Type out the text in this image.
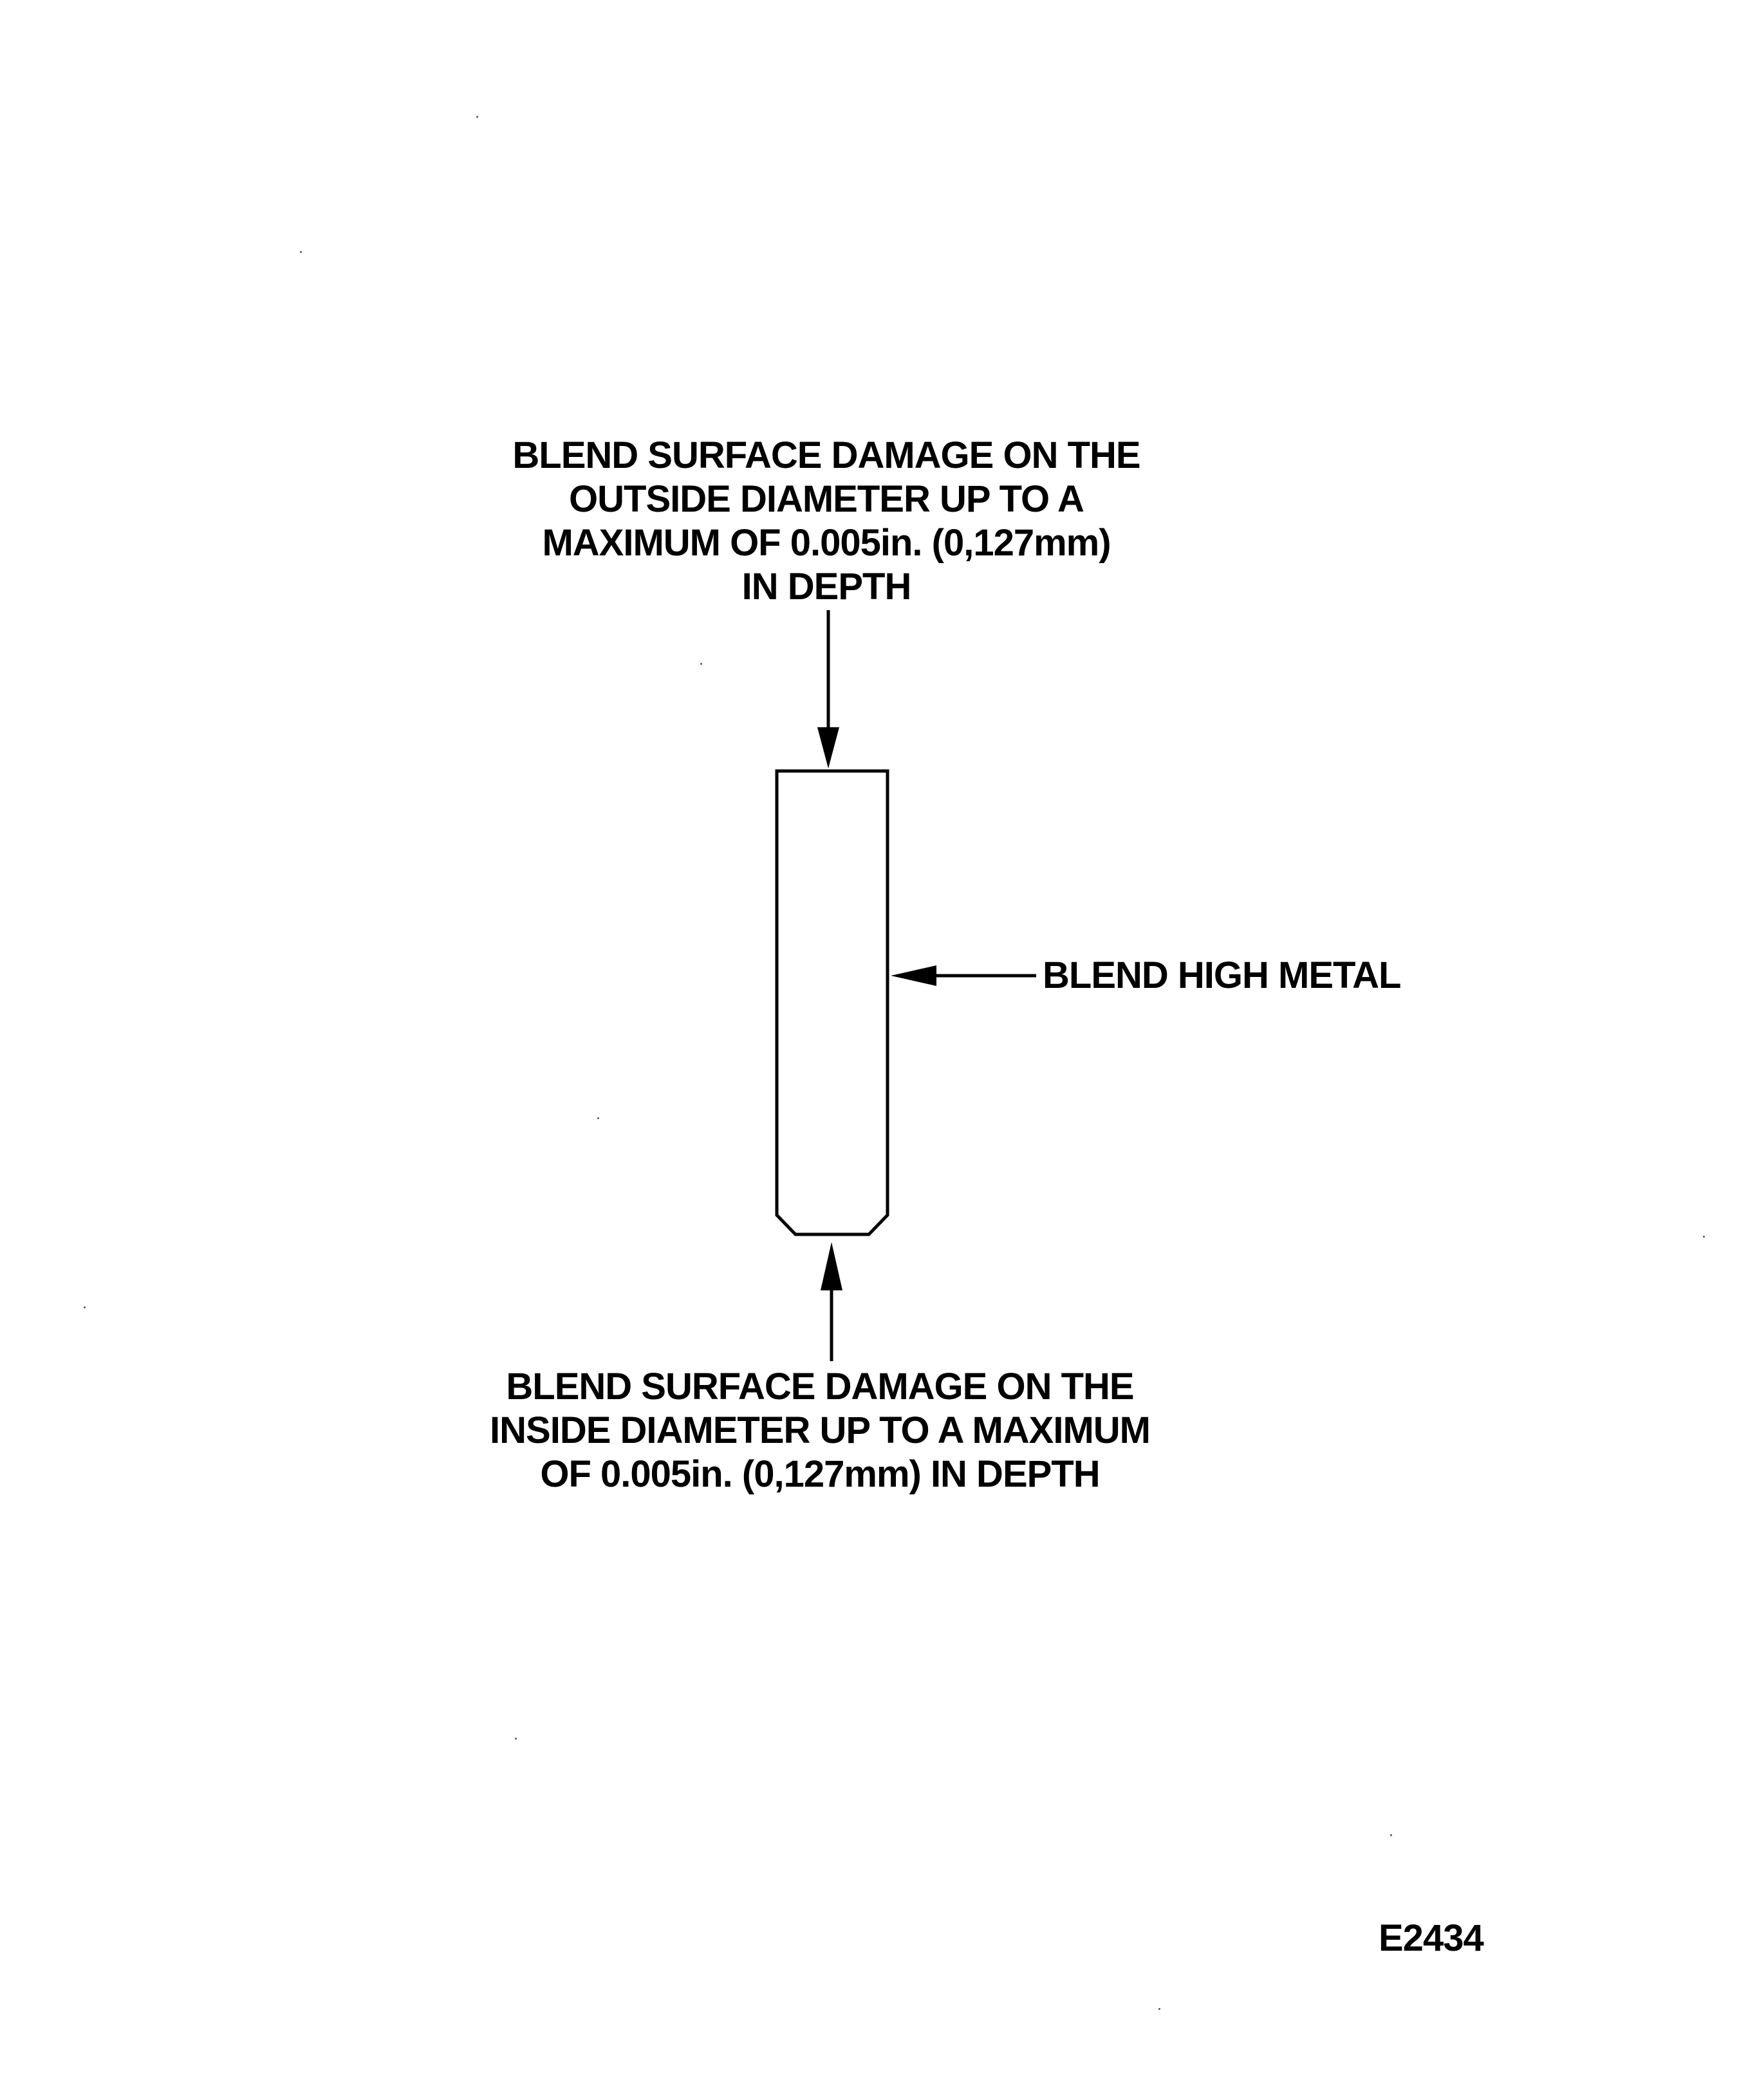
BLEND SURFACE DAMAGE ON THE
OUTSIDE DIAMETER UP TO A
MAXIMUM OF 0.005in. (0,127mm)
IN DEPTH
BLEND HIGH METAL
BLEND SURFACE DAMAGE ON THE
INSIDE DIAMETER UP TO A MAXIMUM
OF 0.005in. (0,127mm) IN DEPTH
E2434
